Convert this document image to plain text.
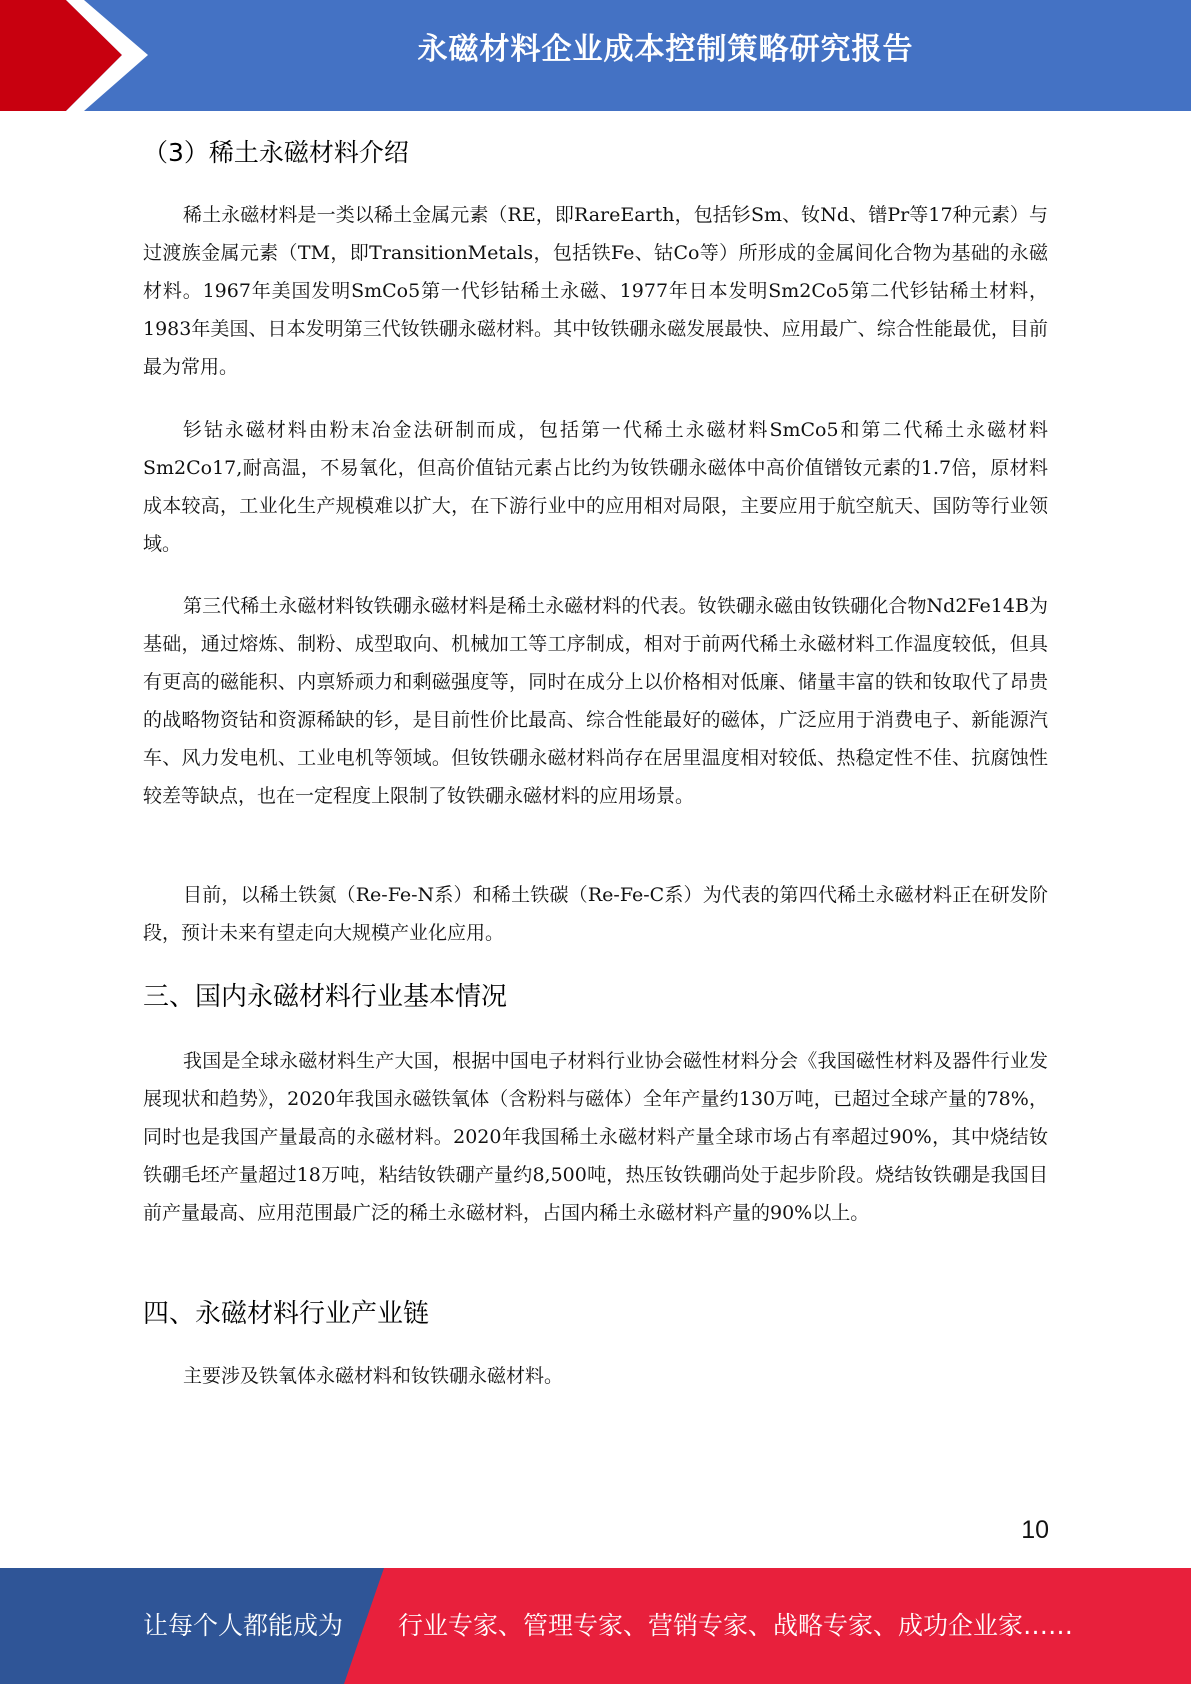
永磁材料企业成本控制策略研究报告
（3）稀土永磁材料介绍

稀土永磁材料是一类以稀土金属元素（RE，即RareEarth，包括钐Sm、钕Nd、镨Pr等17种元素）与过渡族金属元素（TM，即TransitionMetals，包括铁Fe、钴Co等）所形成的金属间化合物为基础的永磁材料。1967年美国发明SmCo5第一代钐钴稀土永磁、1977年日本发明Sm2Co5第二代钐钴稀土材料，1983年美国、日本发明第三代钕铁硼永磁材料。其中钕铁硼永磁发展最快、应用最广、综合性能最优，目前最为常用。

钐钴永磁材料由粉末冶金法研制而成，包括第一代稀土永磁材料SmCo5和第二代稀土永磁材料Sm2Co17,耐高温，不易氧化，但高价值钴元素占比约为钕铁硼永磁体中高价值镨钕元素的1.7倍，原材料成本较高，工业化生产规模难以扩大，在下游行业中的应用相对局限，主要应用于航空航天、国防等行业领域。

第三代稀土永磁材料钕铁硼永磁材料是稀土永磁材料的代表。钕铁硼永磁由钕铁硼化合物Nd2Fe14B为基础，通过熔炼、制粉、成型取向、机械加工等工序制成，相对于前两代稀土永磁材料工作温度较低，但具有更高的磁能积、内禀矫顽力和剩磁强度等，同时在成分上以价格相对低廉、储量丰富的铁和钕取代了昂贵的战略物资钴和资源稀缺的钐，是目前性价比最高、综合性能最好的磁体，广泛应用于消费电子、新能源汽车、风力发电机、工业电机等领域。但钕铁硼永磁材料尚存在居里温度相对较低、热稳定性不佳、抗腐蚀性较差等缺点，也在一定程度上限制了钕铁硼永磁材料的应用场景。

目前，以稀土铁氮（Re-Fe-N系）和稀土铁碳（Re-Fe-C系）为代表的第四代稀土永磁材料正在研发阶段，预计未来有望走向大规模产业化应用。

三、国内永磁材料行业基本情况

我国是全球永磁材料生产大国，根据中国电子材料行业协会磁性材料分会《我国磁性材料及器件行业发展现状和趋势》，2020年我国永磁铁氧体（含粉料与磁体）全年产量约130万吨，已超过全球产量的78%，同时也是我国产量最高的永磁材料。2020年我国稀土永磁材料产量全球市场占有率超过90%，其中烧结钕铁硼毛坯产量超过18万吨，粘结钕铁硼产量约8,500吨，热压钕铁硼尚处于起步阶段。烧结钕铁硼是我国目前产量最高、应用范围最广泛的稀土永磁材料，占国内稀土永磁材料产量的90%以上。

四、永磁材料行业产业链

主要涉及铁氧体永磁材料和钕铁硼永磁材料。

10
让每个人都能成为 行业专家、管理专家、营销专家、战略专家、成功企业家……
